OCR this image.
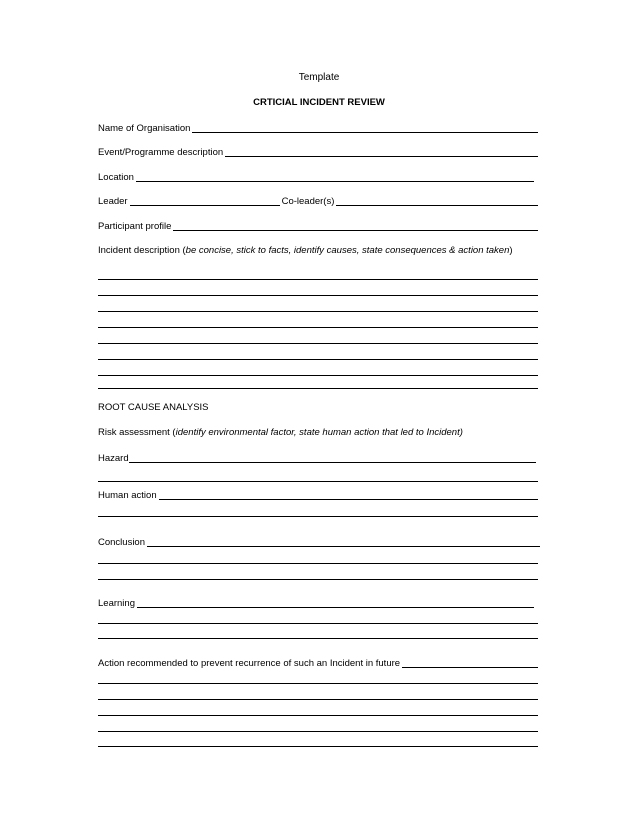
Template
CRTICIAL INCIDENT REVIEW
Name of Organisation
Event/Programme description
Location
Leader	Co-leader(s)
Participant profile
Incident description (be concise, stick to facts, identify causes, state consequences & action taken)
ROOT CAUSE ANALYSIS
Risk assessment (identify environmental factor, state human action that led to Incident)
Hazard
Human action
Conclusion
Learning
Action recommended to prevent recurrence of such an Incident in future
